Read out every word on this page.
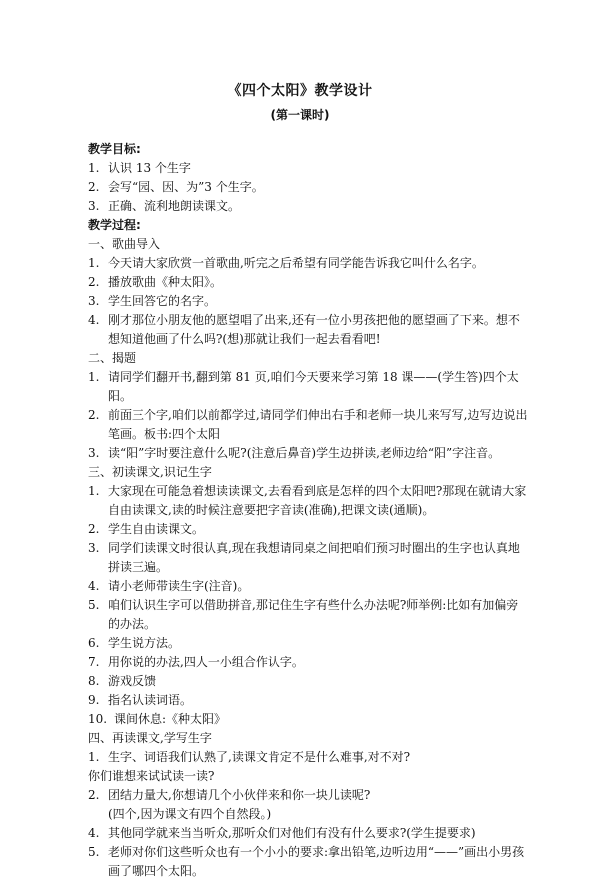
《四个太阳》教学设计
(第一课时)
教学目标:
1. 认识 13 个生字
2. 会写“园、因、为”3 个生字。
3. 正确、流利地朗读课文。
教学过程:
一、歌曲导入
1. 今天请大家欣赏一首歌曲,听完之后希望有同学能告诉我它叫什么名字。
2. 播放歌曲《种太阳》。
3. 学生回答它的名字。
4. 刚才那位小朋友他的愿望唱了出来,还有一位小男孩把他的愿望画了下来。想不想知道他画了什么吗?(想)那就让我们一起去看看吧!
二、揭题
1. 请同学们翻开书,翻到第 81 页,咱们今天要来学习第 18 课——(学生答)四个太阳。
2. 前面三个字,咱们以前都学过,请同学们伸出右手和老师一块儿来写写,边写边说出笔画。板书:四个太阳
3. 读“阳”字时要注意什么呢?(注意后鼻音)学生边拼读,老师边给“阳”字注音。
三、初读课文,识记生字
1. 大家现在可能急着想读读课文,去看看到底是怎样的四个太阳吧?那现在就请大家自由读课文,读的时候注意要把字音读(准确),把课文读(通顺)。
2. 学生自由读课文。
3. 同学们读课文时很认真,现在我想请同桌之间把咱们预习时圈出的生字也认真地拼读三遍。
4. 请小老师带读生字(注音)。
5. 咱们认识生字可以借助拼音,那记住生字有些什么办法呢?师举例:比如有加偏旁的办法。
6. 学生说方法。
7. 用你说的办法,四人一小组合作认字。
8. 游戏反馈
9. 指名认读词语。
10. 课间休息:《种太阳》
四、再读课文,学写生字
1. 生字、词语我们认熟了,读课文肯定不是什么难事,对不对?
你们谁想来试试读一读?
2. 团结力量大,你想请几个小伙伴来和你一块儿读呢?
(四个,因为课文有四个自然段。)
4. 其他同学就来当当听众,那听众们对他们有没有什么要求?(学生提要求)
5. 老师对你们这些听众也有一个小小的要求:拿出铅笔,边听边用“——”画出小男孩画了哪四个太阳。
